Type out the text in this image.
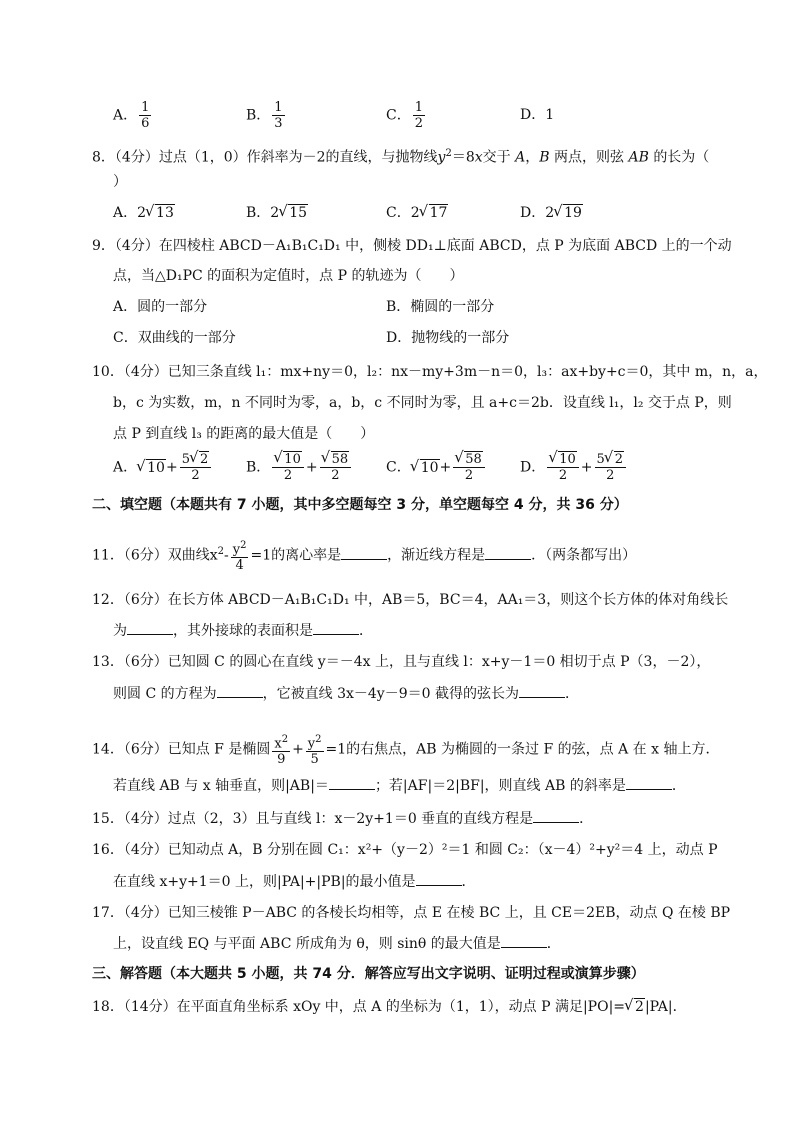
A． $\frac{1}{6}$	B． $\frac{1}{3}$	C． $\frac{1}{2}$	D．1
8．（4分）过点（1，0）作斜率为－2的直线，与抛物线$y^2=8x$交于 A，B 两点，则弦 AB 的长为（
）
A．2 √ 13	B．2 √ 15	C．2 √ 17	D．2 √ 19
9．（4分）在四棱柱 ABCD－A₁B₁C₁D₁ 中，侧棱 DD₁⊥底面 ABCD，点 P 为底面 ABCD 上的一个动
点，当△D₁PC 的面积为定值时，点 P 的轨迹为（　　）
A．圆的一部分	B．椭圆的一部分
C．双曲线的一部分	D．抛物线的一部分
10．（4分）已知三条直线 l₁：mx+ny＝0，l₂：nx－my+3m－n＝0，l₃：ax+by+c＝0，其中 m，n，a，
b，c 为实数，m，n 不同时为零，a，b，c 不同时为零，且 a+c＝2b．设直线 l₁，l₂ 交于点 P，则
点 P 到直线 l₃ 的距离的最大值是（　　）
A． √ $10+ \frac{5 √ 2}{2}$ B． √ $\frac{10}{2}$ + √ $\frac{58}{2}$ C． √ 10+ √ $\frac{58}{2}$	D． √ $\frac{10}{2} + \frac{5 √ 2}{2}$
二、填空题（本题共有 7 小题，其中多空题每空 3 分，单空题每空 4 分，共 36 分）
11．（6分）双曲线$x^2- \frac{y^2}{4} =1$的离心率是	，渐近线方程是	．（两条都写出）
12．（6分）在长方体 ABCD－A₁B₁C₁D₁ 中，AB＝5，BC＝4，AA₁＝3，则这个长方体的体对角线长
为	，其外接球的表面积是	．
13．（6分）已知圆 C 的圆心在直线 y＝－4x 上，且与直线 l：x+y－1＝0 相切于点 P（3，－2），
则圆 C 的方程为	，它被直线 3x－4y－9＝0 截得的弦长为	．
14．（6分）已知点 F 是椭圆 $\frac{x^2}{9} + \frac{y^2}{5} =1$的右焦点，AB 为椭圆的一条过 F 的弦，点 A 在 x 轴上方．
若直线 AB 与 x 轴垂直，则|AB|＝	；若|AF|＝2|BF|，则直线 AB 的斜率是	．
15．（4分）过点（2，3）且与直线 l：x－2y+1＝0 垂直的直线方程是	．
16．（4分）已知动点 A，B 分别在圆 C₁：x²+（y－2）²＝1 和圆 C₂：（x－4）²+y²＝4 上，动点 P
在直线 x+y+1＝0 上，则|PA|+|PB|的最小值是	．
17．（4分）已知三棱锥 P－ABC 的各棱长均相等，点 E 在棱 BC 上，且 CE＝2EB，动点 Q 在棱 BP
上，设直线 EQ 与平面 ABC 所成角为 θ，则 sinθ 的最大值是	．
三、解答题（本大题共 5 小题，共 74 分．解答应写出文字说明、证明过程或演算步骤）
18．（14分）在平面直角坐标系 xOy 中，点 A 的坐标为（1，1），动点 P 满足|PO|= √ 2|PA|．
